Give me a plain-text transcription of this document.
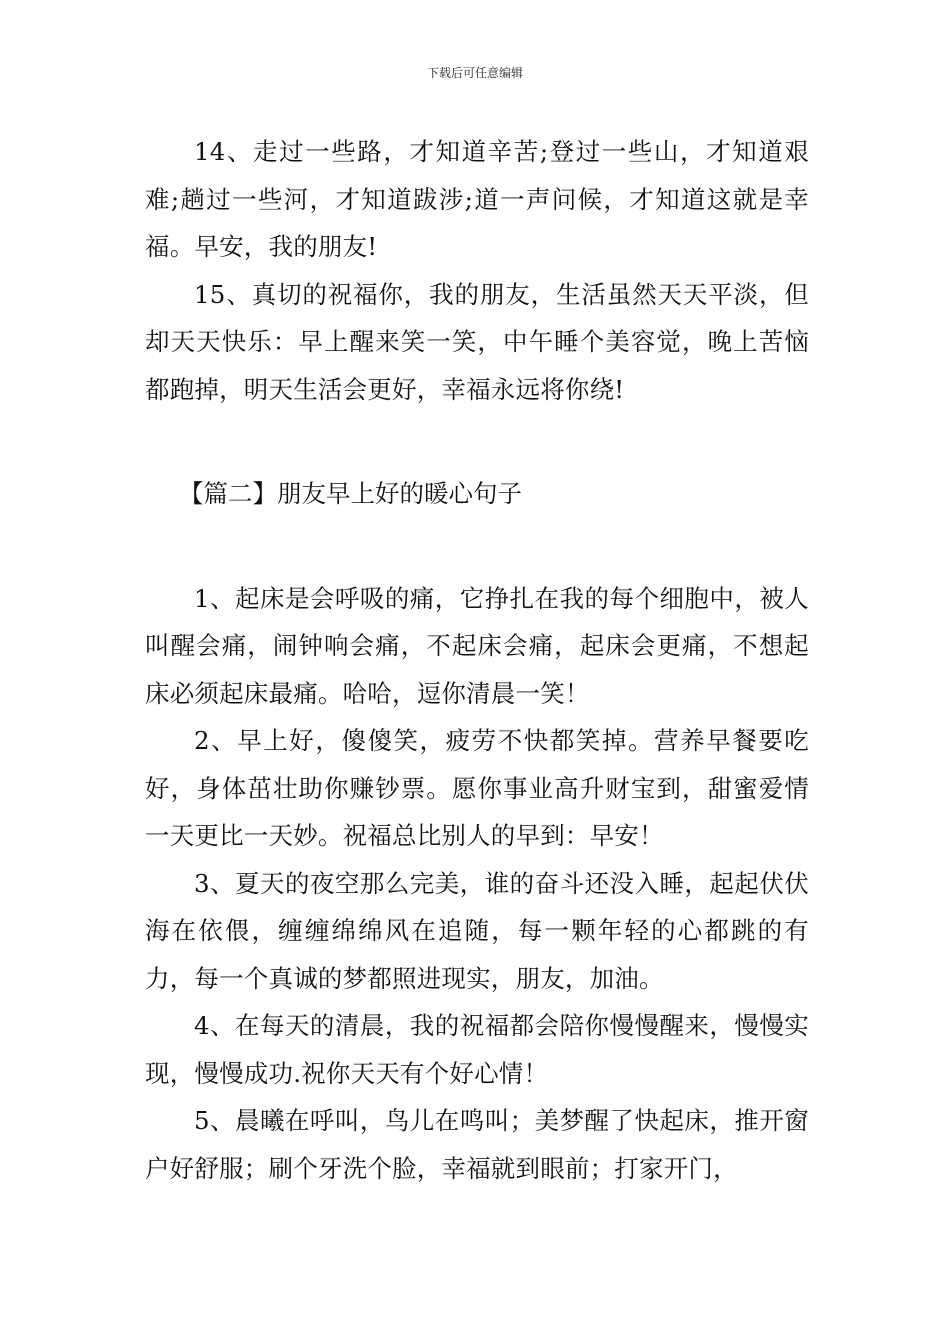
下载后可任意编辑

14、走过一些路，才知道辛苦;登过一些山，才知道艰难;趟过一些河，才知道跋涉;道一声问候，才知道这就是幸福。早安，我的朋友!

15、真切的祝福你，我的朋友，生活虽然天天平淡，但却天天快乐：早上醒来笑一笑，中午睡个美容觉，晚上苦恼都跑掉，明天生活会更好，幸福永远将你绕!

【篇二】朋友早上好的暖心句子

1、起床是会呼吸的痛，它挣扎在我的每个细胞中，被人叫醒会痛，闹钟响会痛，不起床会痛，起床会更痛，不想起床必须起床最痛。哈哈，逗你清晨一笑！

2、早上好，傻傻笑，疲劳不快都笑掉。营养早餐要吃好，身体茁壮助你赚钞票。愿你事业高升财宝到，甜蜜爱情一天更比一天妙。祝福总比别人的早到：早安！

3、夏天的夜空那么完美，谁的奋斗还没入睡，起起伏伏海在依偎，缠缠绵绵风在追随，每一颗年轻的心都跳的有力，每一个真诚的梦都照进现实，朋友，加油。

4、在每天的清晨，我的祝福都会陪你慢慢醒来，慢慢实现，慢慢成功.祝你天天有个好心情！

5、晨曦在呼叫，鸟儿在鸣叫；美梦醒了快起床，推开窗户好舒服；刷个牙洗个脸，幸福就到眼前；打家开门，
